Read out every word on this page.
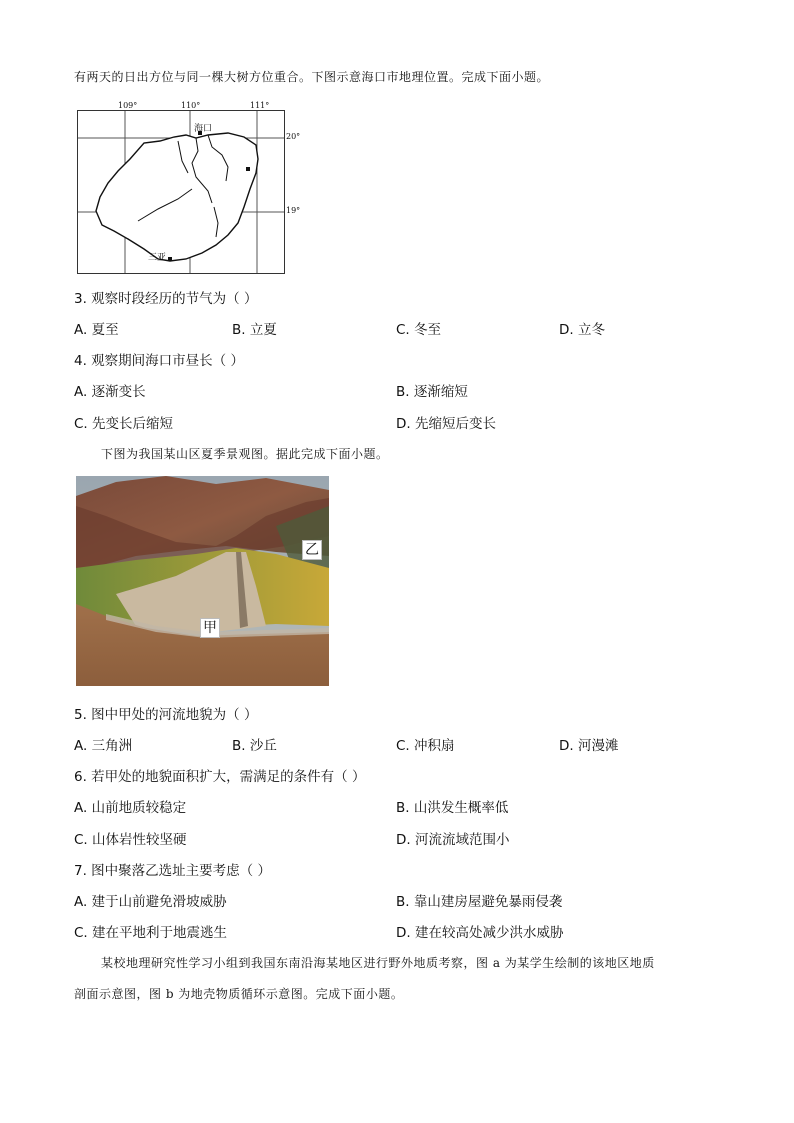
有两天的日出方位与同一棵大树方位重合。下图示意海口市地理位置。完成下面小题。
109°	110°	111°
20°
19°
海口
三亚
3. 观察时段经历的节气为（ ）
A. 夏至	B. 立夏	C. 冬至	D. 立冬
4. 观察期间海口市昼长（ ）
A. 逐渐变长	B. 逐渐缩短
C. 先变长后缩短	D. 先缩短后变长
下图为我国某山区夏季景观图。据此完成下面小题。
乙
甲
5. 图中甲处的河流地貌为（ ）
A. 三角洲	B. 沙丘	C. 冲积扇	D. 河漫滩
6. 若甲处的地貌面积扩大，需满足的条件有（ ）
A. 山前地质较稳定	B. 山洪发生概率低
C. 山体岩性较坚硬	D. 河流流域范围小
7. 图中聚落乙选址主要考虑（ ）
A. 建于山前避免滑坡威胁	B. 靠山建房屋避免暴雨侵袭
C. 建在平地利于地震逃生	D. 建在较高处减少洪水威胁
某校地理研究性学习小组到我国东南沿海某地区进行野外地质考察，图 a 为某学生绘制的该地区地质
剖面示意图，图 b 为地壳物质循环示意图。完成下面小题。
